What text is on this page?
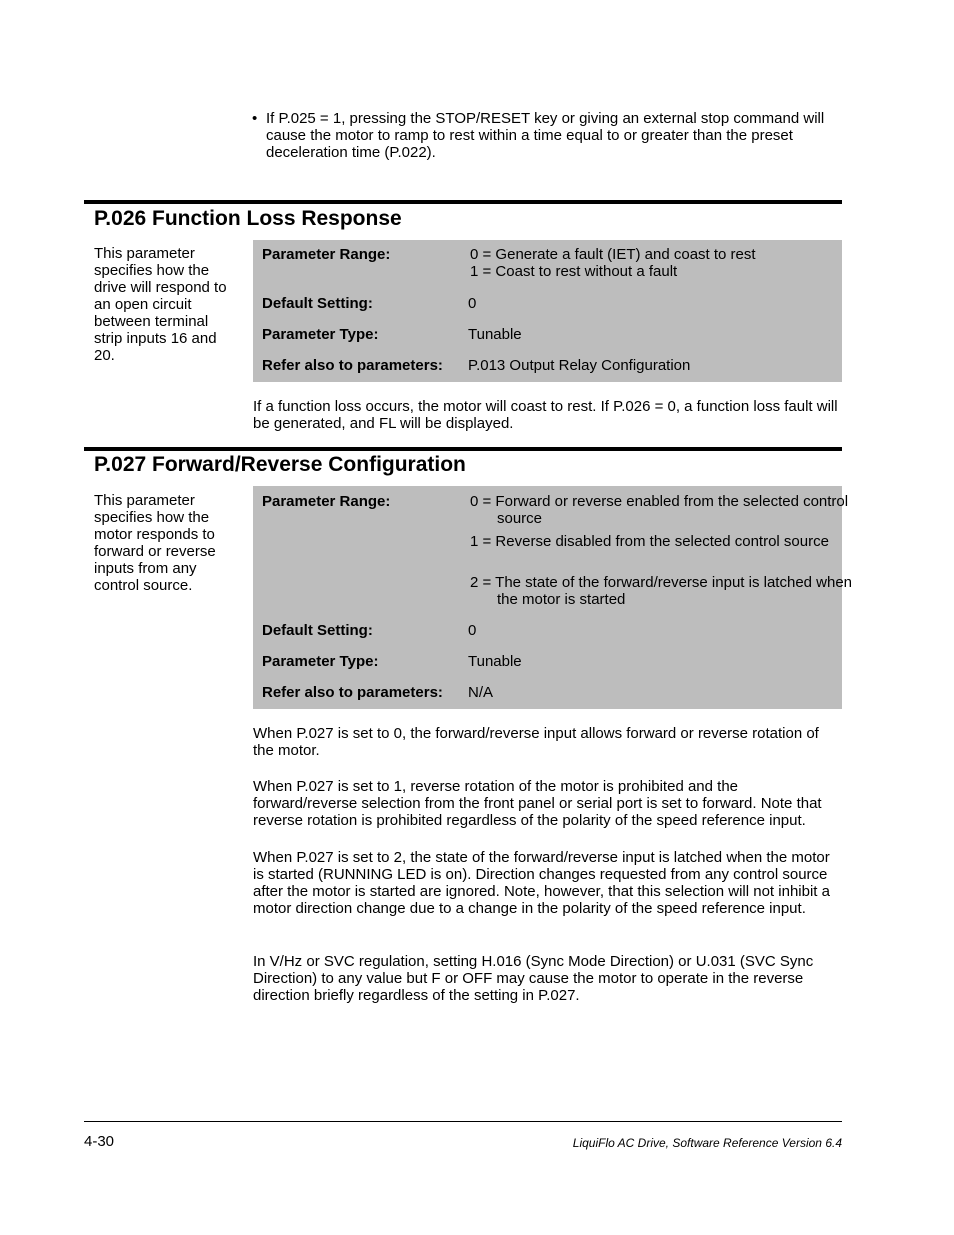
• If P.025 = 1, pressing the STOP/RESET key or giving an external stop command will cause the motor to ramp to rest within a time equal to or greater than the preset deceleration time (P.022).
P.026 Function Loss Response
This parameter specifies how the drive will respond to an open circuit between terminal strip inputs 16 and 20.
Parameter Range:	0 = Generate a fault (IET) and coast to rest
1 = Coast to rest without a fault
Default Setting:	0
Parameter Type:	Tunable
Refer also to parameters: P.013 Output Relay Configuration
If a function loss occurs, the motor will coast to rest. If P.026 = 0, a function loss fault will be generated, and FL will be displayed.
P.027 Forward/Reverse Configuration
This parameter specifies how the motor responds to forward or reverse inputs from any control source.
Parameter Range:	0 = Forward or reverse enabled from the selected control source
1 = Reverse disabled from the selected control source
2 = The state of the forward/reverse input is latched when the motor is started
Default Setting:	0
Parameter Type:	Tunable
Refer also to parameters: N/A
When P.027 is set to 0, the forward/reverse input allows forward or reverse rotation of the motor.
When P.027 is set to 1, reverse rotation of the motor is prohibited and the forward/reverse selection from the front panel or serial port is set to forward. Note that reverse rotation is prohibited regardless of the polarity of the speed reference input.
When P.027 is set to 2, the state of the forward/reverse input is latched when the motor is started (RUNNING LED is on). Direction changes requested from any control source after the motor is started are ignored. Note, however, that this selection will not inhibit a motor direction change due to a change in the polarity of the speed reference input.
In V/Hz or SVC regulation, setting H.016 (Sync Mode Direction) or U.031 (SVC Sync Direction) to any value but F or OFF may cause the motor to operate in the reverse direction briefly regardless of the setting in P.027.
4-30	LiquiFlo AC Drive, Software Reference Version 6.4
